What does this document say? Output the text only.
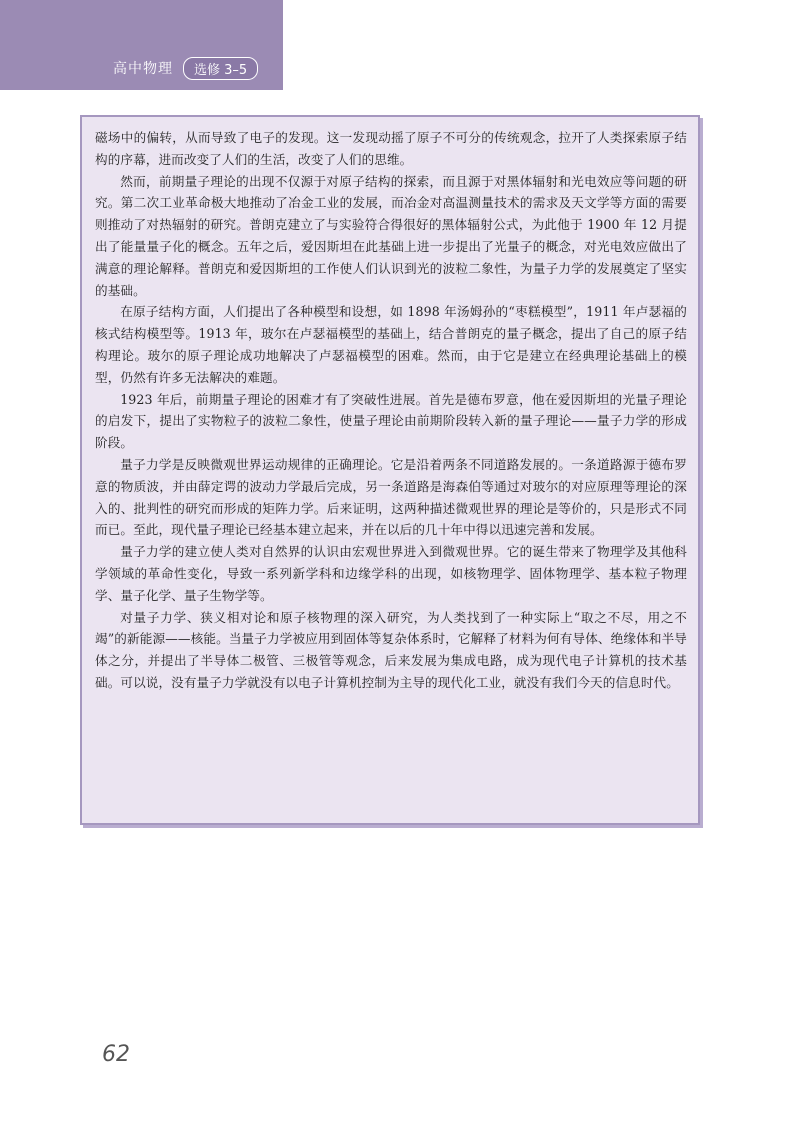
高中物理	选修 3–5

磁场中的偏转，从而导致了电子的发现。这一发现动摇了原子不可分的传统观念，拉开了人类探索原子结构的序幕，进而改变了人们的生活，改变了人们的思维。

然而，前期量子理论的出现不仅源于对原子结构的探索，而且源于对黑体辐射和光电效应等问题的研究。第二次工业革命极大地推动了冶金工业的发展，而冶金对高温测量技术的需求及天文学等方面的需要则推动了对热辐射的研究。普朗克建立了与实验符合得很好的黑体辐射公式，为此他于 1900 年 12 月提出了能量量子化的概念。五年之后，爱因斯坦在此基础上进一步提出了光量子的概念，对光电效应做出了满意的理论解释。普朗克和爱因斯坦的工作使人们认识到光的波粒二象性，为量子力学的发展奠定了坚实的基础。

在原子结构方面，人们提出了各种模型和设想，如 1898 年汤姆孙的“枣糕模型”，1911 年卢瑟福的核式结构模型等。1913 年，玻尔在卢瑟福模型的基础上，结合普朗克的量子概念，提出了自己的原子结构理论。玻尔的原子理论成功地解决了卢瑟福模型的困难。然而，由于它是建立在经典理论基础上的模型，仍然有许多无法解决的难题。

1923 年后，前期量子理论的困难才有了突破性进展。首先是德布罗意，他在爱因斯坦的光量子理论的启发下，提出了实物粒子的波粒二象性，使量子理论由前期阶段转入新的量子理论——量子力学的形成阶段。

量子力学是反映微观世界运动规律的正确理论。它是沿着两条不同道路发展的。一条道路源于德布罗意的物质波，并由薛定谔的波动力学最后完成，另一条道路是海森伯等通过对玻尔的对应原理等理论的深入的、批判性的研究而形成的矩阵力学。后来证明，这两种描述微观世界的理论是等价的，只是形式不同而已。至此，现代量子理论已经基本建立起来，并在以后的几十年中得以迅速完善和发展。

量子力学的建立使人类对自然界的认识由宏观世界进入到微观世界。它的诞生带来了物理学及其他科学领域的革命性变化，导致一系列新学科和边缘学科的出现，如核物理学、固体物理学、基本粒子物理学、量子化学、量子生物学等。

对量子力学、狭义相对论和原子核物理的深入研究，为人类找到了一种实际上“取之不尽，用之不竭”的新能源——核能。当量子力学被应用到固体等复杂体系时，它解释了材料为何有导体、绝缘体和半导体之分，并提出了半导体二极管、三极管等观念，后来发展为集成电路，成为现代电子计算机的技术基础。可以说，没有量子力学就没有以电子计算机控制为主导的现代化工业，就没有我们今天的信息时代。

62
